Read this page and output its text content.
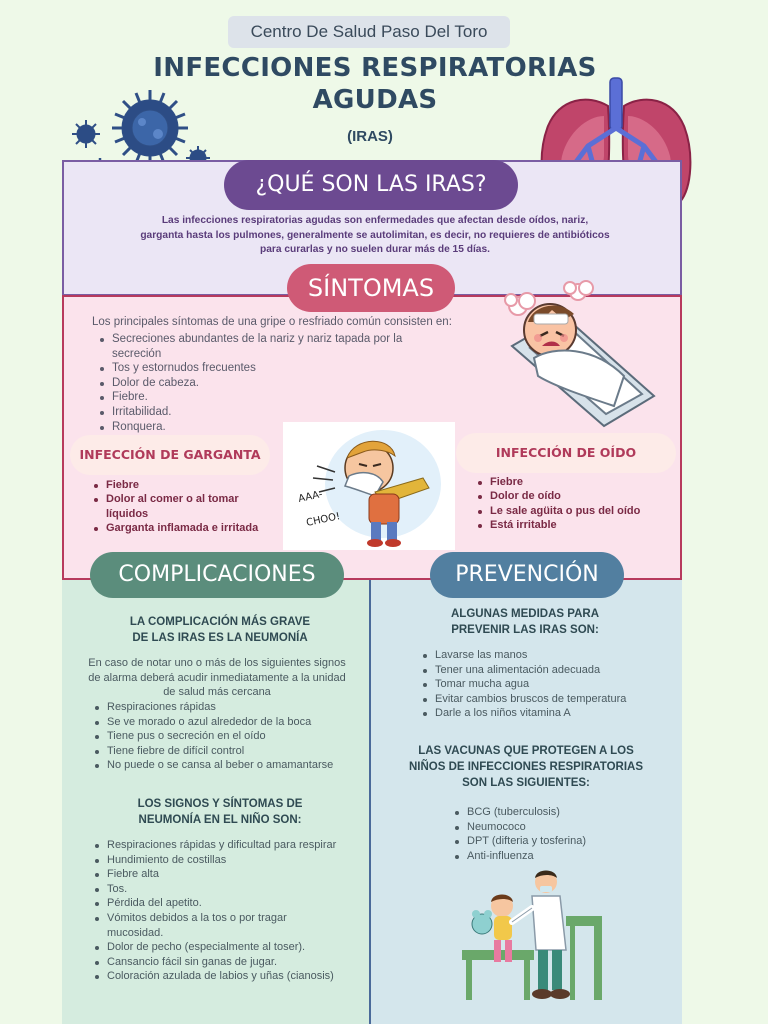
Centro De Salud Paso Del Toro
INFECCIONES RESPIRATORIAS
AGUDAS
(IRAS)
¿QUÉ SON LAS IRAS?
Las infecciones respiratorias agudas son enfermedades que afectan desde oídos, nariz, garganta hasta los pulmones, generalmente se autolimitan, es decir, no requieres de antibióticos para curarlas y no suelen durar más de 15 días.
SÍNTOMAS
Los principales síntomas de una gripe o resfriado común consisten en:
Secreciones abundantes de la nariz y nariz tapada por la secreción
Tos y estornudos frecuentes
Dolor de cabeza.
Fiebre.
Irritabilidad.
Ronquera.
INFECCIÓN DE GARGANTA
Fiebre
Dolor al comer o al tomar líquidos
Garganta inflamada e irritada
AAA-
CHOO!
INFECCIÓN DE OÍDO
Fiebre
Dolor de oído
Le sale agüita o pus del oído
Está irritable
COMPLICACIONES	PREVENCIÓN
LA COMPLICACIÓN MÁS GRAVE
DE LAS IRAS ES LA NEUMONÍA
En caso de notar uno o más de los siguientes signos de alarma deberá acudir inmediatamente a la unidad de salud más cercana
Respiraciones rápidas
Se ve morado o azul alrededor de la boca
Tiene pus o secreción en el oído
Tiene fiebre de difícil control
No puede o se cansa al beber o amamantarse
LOS SIGNOS Y SÍNTOMAS DE
NEUMONÍA EN EL NIÑO SON:
Respiraciones rápidas y dificultad para respirar
Hundimiento de costillas
Fiebre alta
Tos.
Pérdida del apetito.
Vómitos debidos a la tos o por tragar mucosidad.
Dolor de pecho (especialmente al toser).
Cansancio fácil sin ganas de jugar.
Coloración azulada de labios y uñas (cianosis)
ALGUNAS MEDIDAS PARA
PREVENIR LAS IRAS SON:
Lavarse las manos
Tener una alimentación adecuada
Tomar mucha agua
Evitar cambios bruscos de temperatura
Darle a los niños vitamina A
LAS VACUNAS QUE PROTEGEN A LOS
NIÑOS DE INFECCIONES RESPIRATORIAS
SON LAS SIGUIENTES:
BCG (tuberculosis)
Neumococo
DPT (difteria y tosferina)
Anti-influenza
